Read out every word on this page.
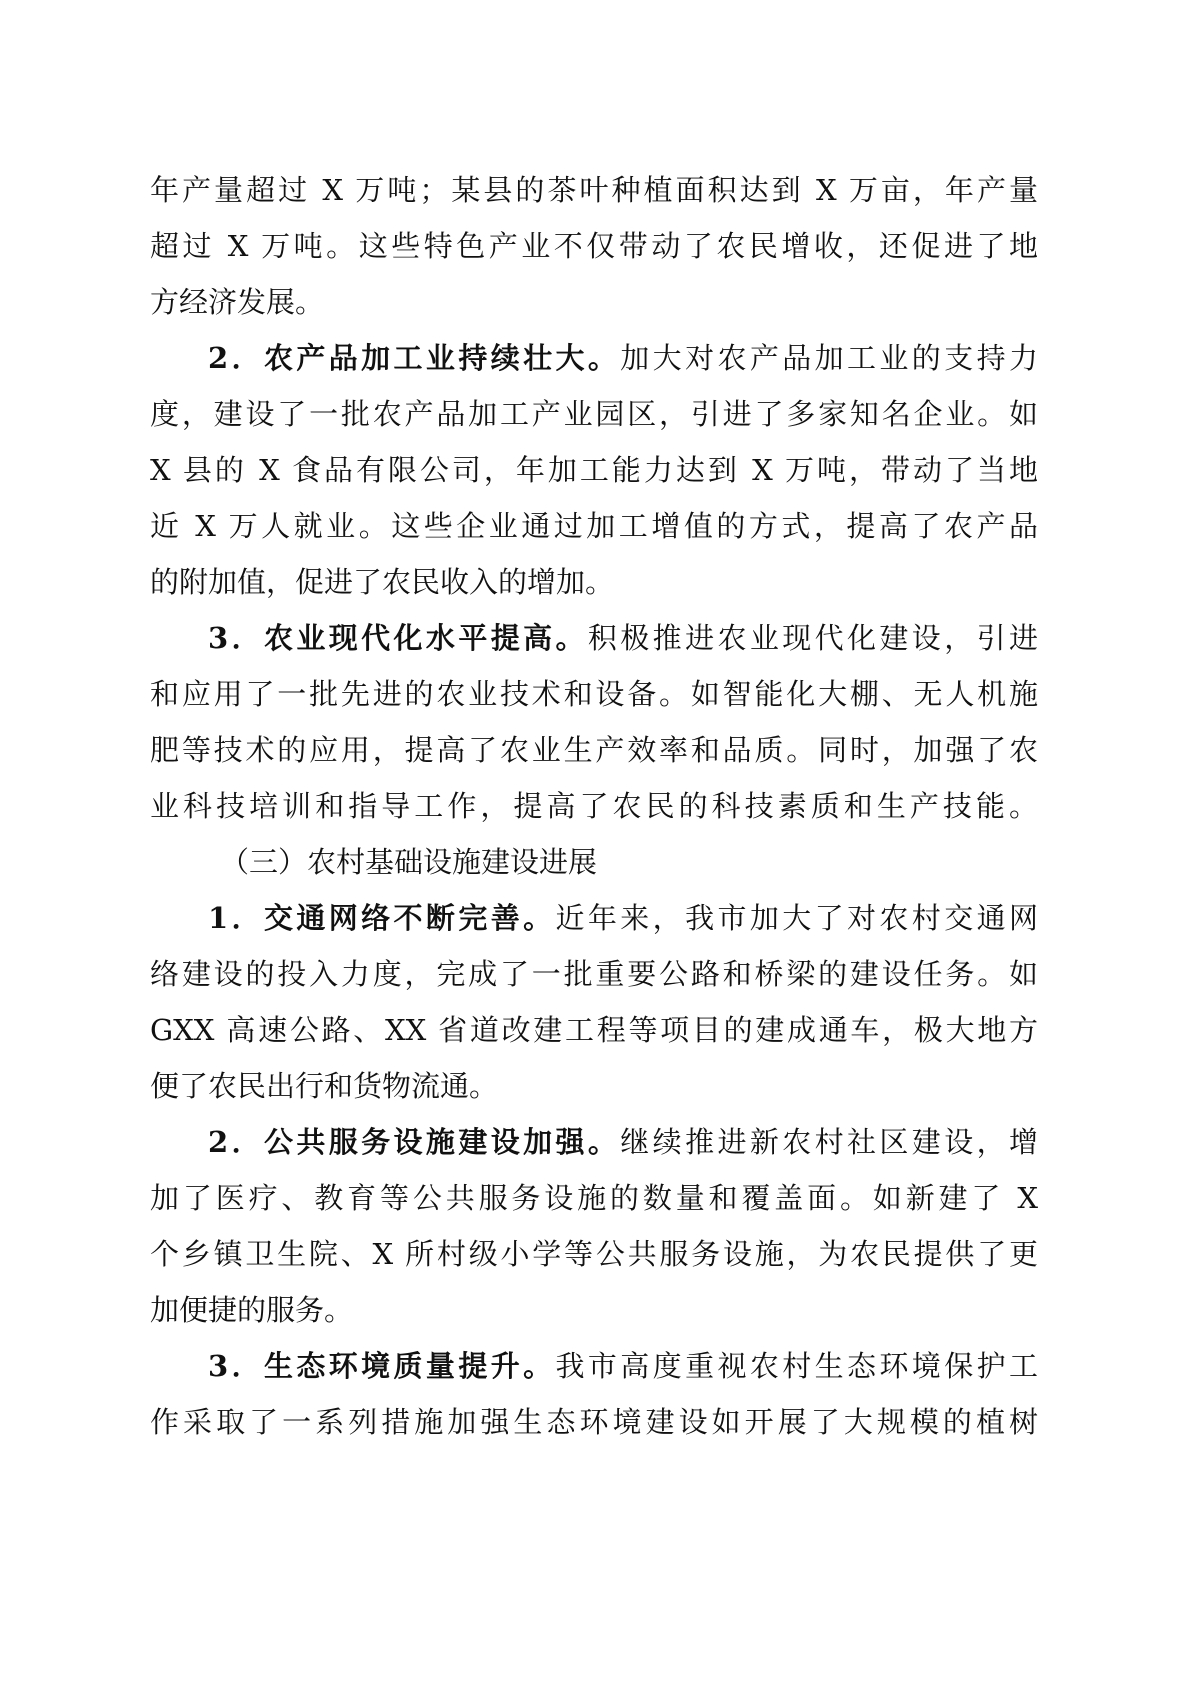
年产量超过 X 万吨；某县的茶叶种植面积达到 X 万亩，年产量
超过 X 万吨。这些特色产业不仅带动了农民增收，还促进了地
方经济发展。
2．农产品加工业持续壮大。加大对农产品加工业的支持力
度，建设了一批农产品加工产业园区，引进了多家知名企业。如
X 县的 X 食品有限公司，年加工能力达到 X 万吨，带动了当地
近 X 万人就业。这些企业通过加工增值的方式，提高了农产品
的附加值，促进了农民收入的增加。
3．农业现代化水平提高。积极推进农业现代化建设，引进
和应用了一批先进的农业技术和设备。如智能化大棚、无人机施
肥等技术的应用，提高了农业生产效率和品质。同时，加强了农
业科技培训和指导工作，提高了农民的科技素质和生产技能。
（三）农村基础设施建设进展
1．交通网络不断完善。近年来，我市加大了对农村交通网
络建设的投入力度，完成了一批重要公路和桥梁的建设任务。如
GXX 高速公路、XX 省道改建工程等项目的建成通车，极大地方
便了农民出行和货物流通。
2．公共服务设施建设加强。继续推进新农村社区建设，增
加了医疗、教育等公共服务设施的数量和覆盖面。如新建了 X
个乡镇卫生院、X 所村级小学等公共服务设施，为农民提供了更
加便捷的服务。
3．生态环境质量提升。我市高度重视农村生态环境保护工
作采取了一系列措施加强生态环境建设如开展了大规模的植树
